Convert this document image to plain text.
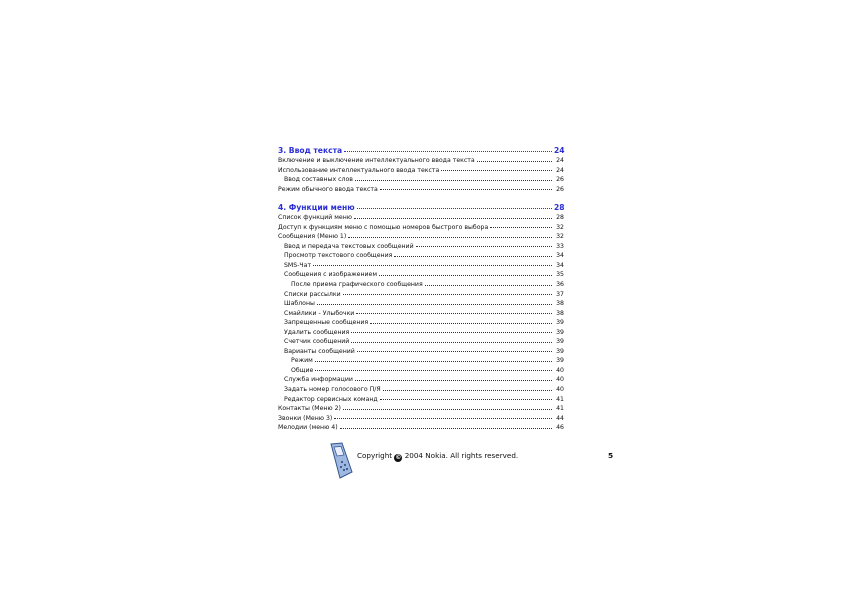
3. Ввод текста	24
Включение и выключение интеллектуального ввода текста	24
Использование интеллектуального ввода текста	24
Ввод составных слов	26
Режим обычного ввода текста	26
4. Функции меню	28
Список функций меню	28
Доступ к функциям меню с помощью номеров быстрого выбора	32
Сообщения (Меню 1)	32
Ввод и передача текстовых сообщений	33
Просмотр текстового сообщения	34
SMS-Чат	34
Сообщения с изображением	35
После приема графического сообщения	36
Списки рассылки	37
Шаблоны	38
Смайлики - Улыбочки	38
Запрещенные сообщения	39
Удалить сообщения	39
Счетчик сообщений	39
Варианты сообщений	39
Режим	39
Общие	40
Служба информации	40
Задать номер голосового П/Я	40
Редактор сервисных команд	41
Контакты (Меню 2)	41
Звонки (Меню 3)	44
Мелодии (меню 4)	46
Copyright © 2004 Nokia. All rights reserved.	5
